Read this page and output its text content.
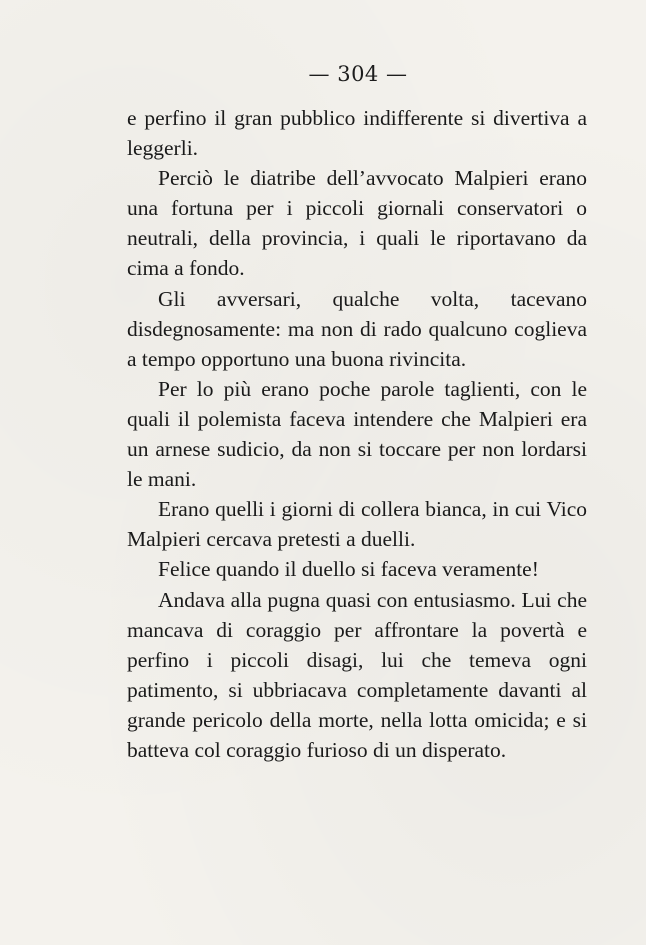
— 304 —

e perfino il gran pubblico indifferente si divertiva a leggerli.

Perciò le diatribe dell’avvocato Malpieri erano una fortuna per i piccoli giornali conservatori o neutrali, della provincia, i quali le riportavano da cima a fondo.

Gli avversari, qualche volta, tacevano disdegnosamente: ma non di rado qualcuno coglieva a tempo opportuno una buona rivincita.

Per lo più erano poche parole taglienti, con le quali il polemista faceva intendere che Malpieri era un arnese sudicio, da non si toccare per non lordarsi le mani.

Erano quelli i giorni di collera bianca, in cui Vico Malpieri cercava pretesti a duelli.

Felice quando il duello si faceva veramente!

Andava alla pugna quasi con entusiasmo. Lui che mancava di coraggio per affrontare la povertà e perfino i piccoli disagi, lui che temeva ogni patimento, si ubbriacava completamente davanti al grande pericolo della morte, nella lotta omicida; e si batteva col coraggio furioso di un disperato.
